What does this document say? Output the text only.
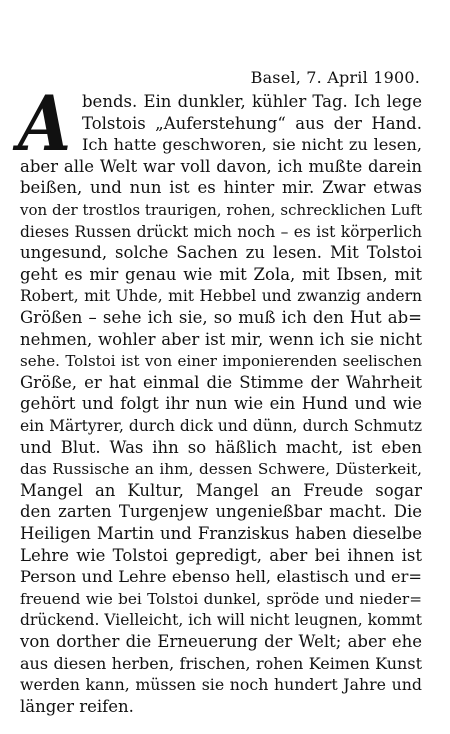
Basel, 7. April 1900.
A bends. Ein dunkler, kühler Tag. Ich lege
Tolstois „Auferstehung“ aus der Hand.
Ich hatte geschworen, sie nicht zu lesen,
aber alle Welt war voll davon, ich mußte darein
beißen, und nun ist es hinter mir. Zwar etwas
von der trostlos traurigen, rohen, schrecklichen Luft
dieses Russen drückt mich noch – es ist körperlich
ungesund, solche Sachen zu lesen. Mit Tolstoi
geht es mir genau wie mit Zola, mit Ibsen, mit
Robert, mit Uhde, mit Hebbel und zwanzig andern
Größen – sehe ich sie, so muß ich den Hut ab=
nehmen, wohler aber ist mir, wenn ich sie nicht
sehe. Tolstoi ist von einer imponierenden seelischen
Größe, er hat einmal die Stimme der Wahrheit
gehört und folgt ihr nun wie ein Hund und wie
ein Märtyrer, durch dick und dünn, durch Schmutz
und Blut. Was ihn so häßlich macht, ist eben
das Russische an ihm, dessen Schwere, Düsterkeit,
Mangel an Kultur, Mangel an Freude sogar
den zarten Turgenjew ungenießbar macht. Die
Heiligen Martin und Franziskus haben dieselbe
Lehre wie Tolstoi gepredigt, aber bei ihnen ist
Person und Lehre ebenso hell, elastisch und er=
freuend wie bei Tolstoi dunkel, spröde und nieder=
drückend. Vielleicht, ich will nicht leugnen, kommt
von dorther die Erneuerung der Welt; aber ehe
aus diesen herben, frischen, rohen Keimen Kunst
werden kann, müssen sie noch hundert Jahre und
länger reifen.
